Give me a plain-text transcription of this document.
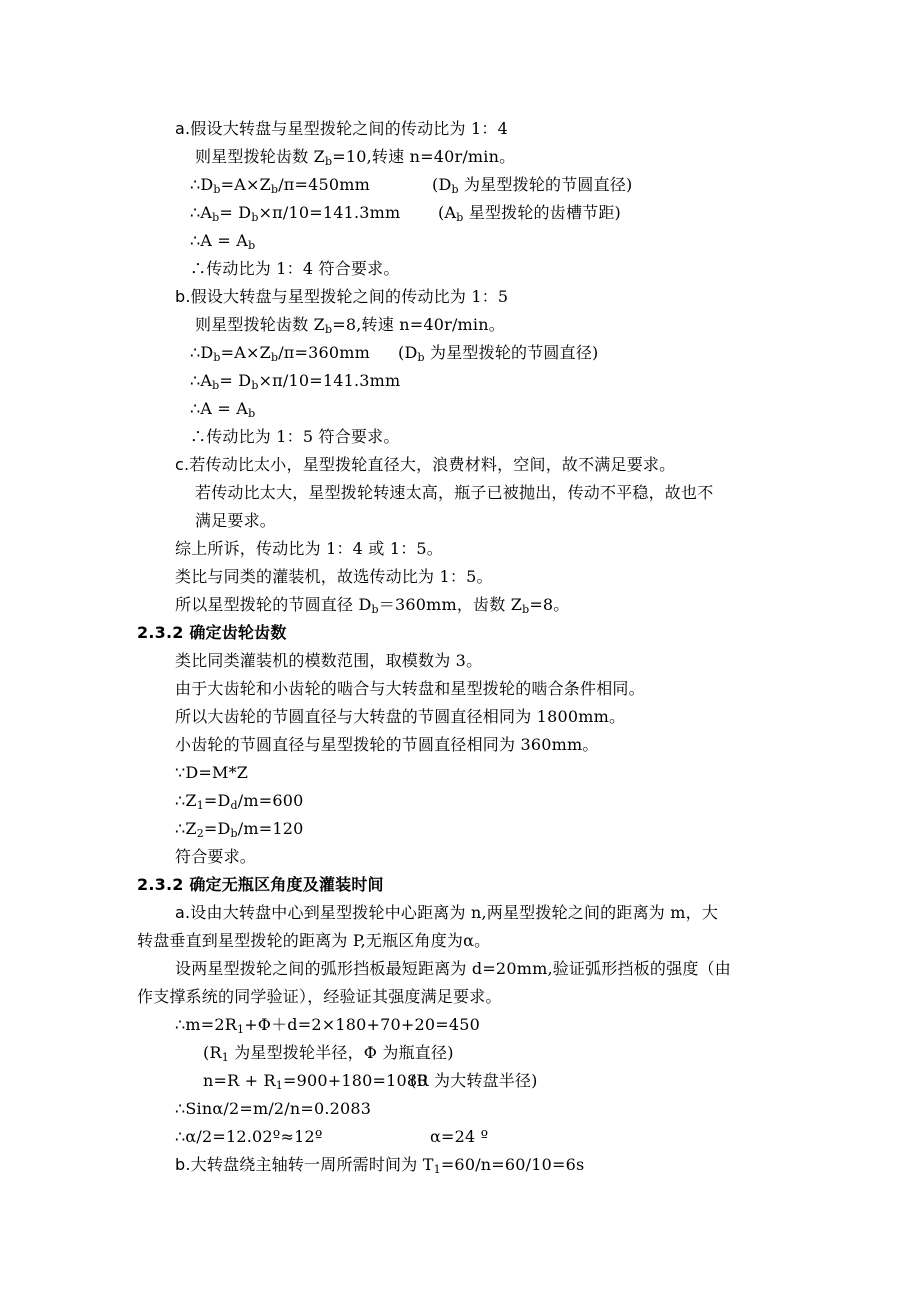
a.假设大转盘与星型拨轮之间的传动比为 1：4
则星型拨轮齿数 $Z_b=10$,转速 n=40r/min。
$\therefore D_b=A\times Z_b/\pi=450mm$	($D_b$ 为星型拨轮的节圆直径)
$\therefore A_b= D_b\times\pi/10=141.3mm$ ($A_b$ 星型拨轮的齿槽节距)
∴A = $A_b$
∴传动比为 1：4 符合要求。
b.假设大转盘与星型拨轮之间的传动比为 1：5
则星型拨轮齿数 $Z_b=8$,转速 n=40r/min。
$\therefore D_b=A\times Z_b/\pi=360mm$ ($D_b$ 为星型拨轮的节圆直径)
$\therefore A_b= D_b\times\pi/10=141.3mm$
∴A = $A_b$
∴传动比为 1：5 符合要求。
c.若传动比太小，星型拨轮直径大，浪费材料，空间，故不满足要求。
若传动比太大，星型拨轮转速太高，瓶子已被抛出，传动不平稳，故也不
满足要求。
综上所诉，传动比为 1：4 或 1：5。
类比与同类的灌装机，故选传动比为 1：5。
所以星型拨轮的节圆直径 $D_b=360mm$，齿数 $Z_b=8$。
2.3.2 确定齿轮齿数
类比同类灌装机的模数范围，取模数为 3。
由于大齿轮和小齿轮的啮合与大转盘和星型拨轮的啮合条件相同。
所以大齿轮的节圆直径与大转盘的节圆直径相同为 1800mm。
小齿轮的节圆直径与星型拨轮的节圆直径相同为 360mm。
∵D=M*Z
$\therefore Z_1=D_d/m=600$
$\therefore Z_2=D_b/m=120$
符合要求。
2.3.2 确定无瓶区角度及灌装时间
a.设由大转盘中心到星型拨轮中心距离为 n,两星型拨轮之间的距离为 m，大
转盘垂直到星型拨轮的距离为 P,无瓶区角度为α。
设两星型拨轮之间的弧形挡板最短距离为 d=20mm,验证弧形挡板的强度（由
作支撑系统的同学验证），经验证其强度满足要求。
$\therefore m=2R_1+\Phi+d=2\times 180+70+20=450$
($R_1$ 为星型拨轮半径，Φ 为瓶直径)
$n=R + R_1=900+180=1080$
(R 为大转盘半径)
∴Sinα/2=m/2/n=0.2083
∴α/2=12.02º≈12º	α=24 º
b.大转盘绕主轴转一周所需时间为 $T_1=60/n=60/10=6s$
